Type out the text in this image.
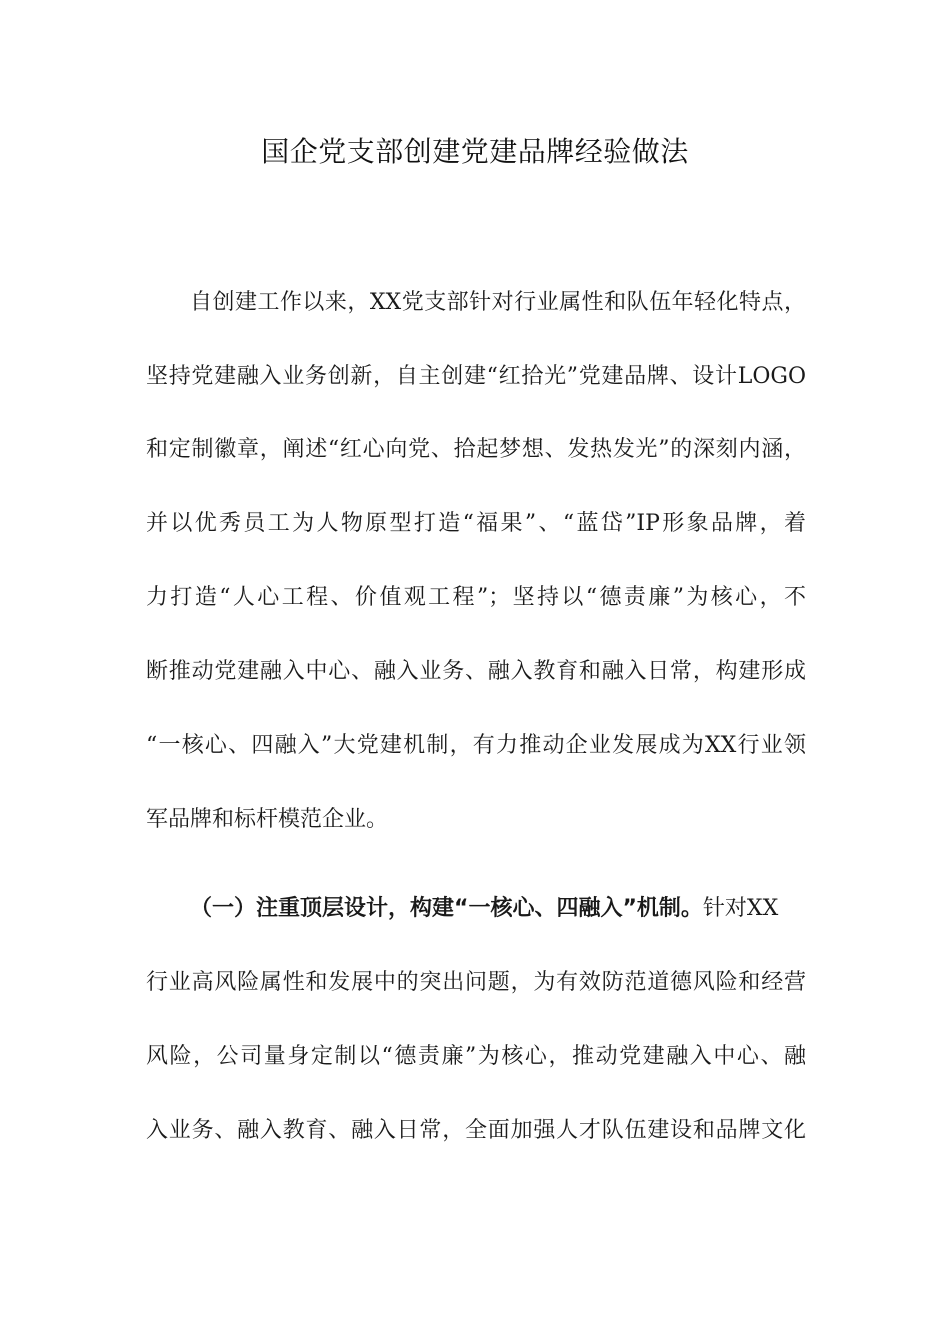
国企党支部创建党建品牌经验做法
自创建工作以来，XX党支部针对行业属性和队伍年轻化特点，
坚持党建融入业务创新，自主创建“红拾光”党建品牌、设计LOGO
和定制徽章，阐述“红心向党、拾起梦想、发热发光”的深刻内涵，
并以优秀员工为人物原型打造“福果”、“蓝岱”IP形象品牌，着
力打造“人心工程、价值观工程”；坚持以“德责廉”为核心，不
断推动党建融入中心、融入业务、融入教育和融入日常，构建形成
“一核心、四融入”大党建机制，有力推动企业发展成为XX行业领
军品牌和标杆模范企业。
（一）注重顶层设计，构建“一核心、四融入”机制。针对XX
行业高风险属性和发展中的突出问题，为有效防范道德风险和经营
风险，公司量身定制以“德责廉”为核心，推动党建融入中心、融
入业务、融入教育、融入日常，全面加强人才队伍建设和品牌文化
